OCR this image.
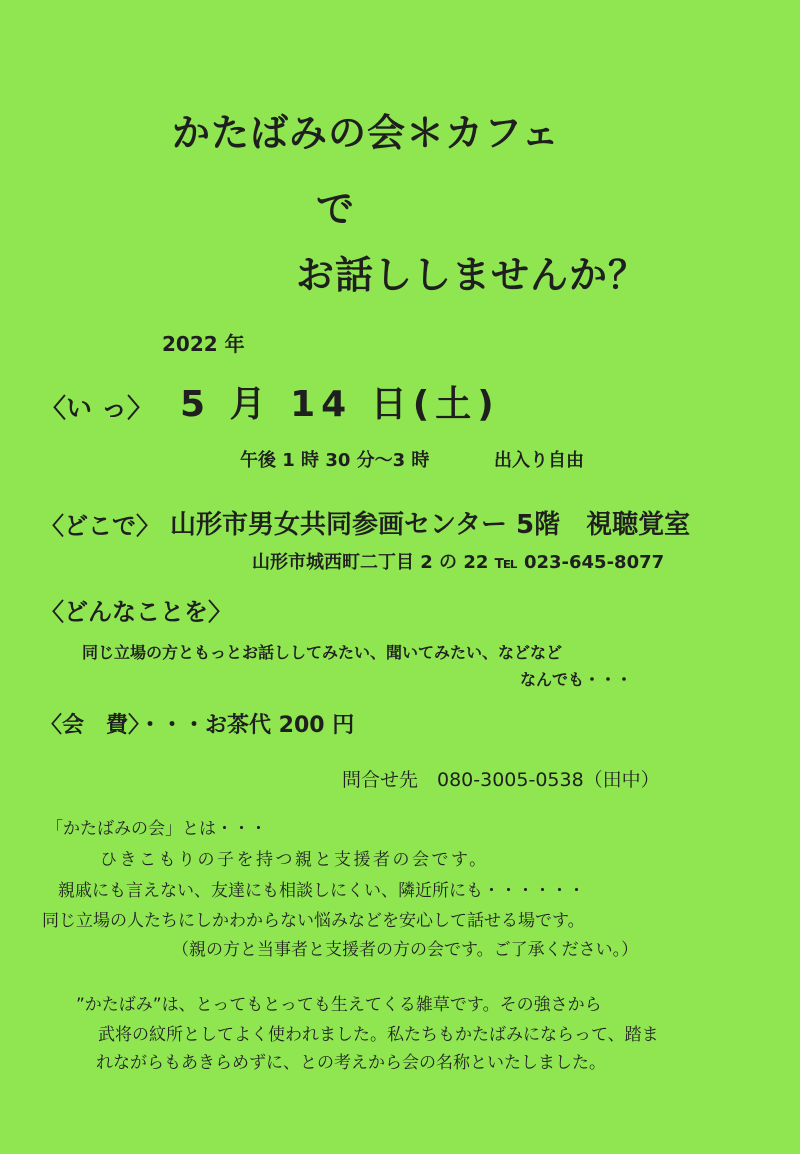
かたばみの会＊カフェ
で
お話ししませんか？
2022 年
〈い っ〉 5 月 14 日(土)
午後 1 時 30 分〜3 時	出入り自由
〈どこで〉 山形市男女共同参画センター 5階　視聴覚室
山形市城西町二丁目 2 の 22 ℡ 023-645-8077
〈どんなことを〉
同じ立場の方ともっとお話ししてみたい、聞いてみたい、などなど
なんでも・・・
〈会　費〉・・・お茶代 200 円
問合せ先　080-3005-0538（田中）
「かたばみの会」とは・・・
ひきこもりの子を持つ親と支援者の会です。
親戚にも言えない、友達にも相談しにくい、隣近所にも・・・・・・
同じ立場の人たちにしかわからない悩みなどを安心して話せる場です。
（親の方と当事者と支援者の方の会です。ご了承ください。）
”かたばみ”は、とってもとっても生えてくる雑草です。その強さから
武将の紋所としてよく使われました。私たちもかたばみにならって、踏ま
れながらもあきらめずに、との考えから会の名称といたしました。
